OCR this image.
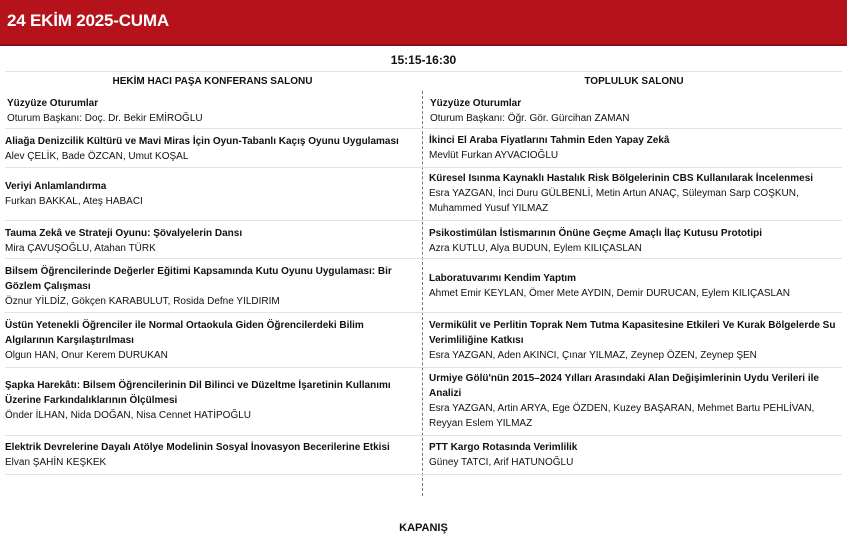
24 EKİM 2025-CUMA
15:15-16:30
HEKİM HACI PAŞA KONFERANS SALONU	TOPLULUK SALONU
Yüzyüze Oturumlar
Oturum Başkanı: Doç. Dr. Bekir EMİROĞLU
Aliağa Denizcilik Kültürü ve Mavi Miras İçin Oyun-Tabanlı Kaçış Oyunu Uygulaması
Alev ÇELİK, Bade ÖZCAN, Umut KOŞAL
Veriyi Anlamlandırma
Furkan BAKKAL, Ateş HABACI
Tauma Zekâ ve Strateji Oyunu: Şövalyelerin Dansı
Mira ÇAVUŞOĞLU, Atahan TÜRK
Bilsem Öğrencilerinde Değerler Eğitimi Kapsamında Kutu Oyunu Uygulaması: Bir Gözlem Çalışması
Öznur YİLDİZ, Gökçen KARABULUT, Rosida Defne YILDIRIM
Üstün Yetenekli Öğrenciler ile Normal Ortaokula Giden Öğrencilerdeki Bilim Algılarının Karşılaştırılması
Olgun HAN, Onur Kerem DURUKAN
Şapka Harekâtı: Bilsem Öğrencilerinin Dil Bilinci ve Düzeltme İşaretinin Kullanımı Üzerine Farkındalıklarının Ölçülmesi
Önder İLHAN, Nida DOĞAN, Nisa Cennet HATİPOĞLU
Elektrik Devrelerine Dayalı Atölye Modelinin Sosyal İnovasyon Becerilerine Etkisi
Elvan ŞAHİN KEŞKEK
Yüzyüze Oturumlar
Oturum Başkanı: Öğr. Gör. Gürcihan ZAMAN
İkinci El Araba Fiyatlarını Tahmin Eden Yapay Zekâ
Mevlüt Furkan AYVACIOĞLU
Küresel Isınma Kaynaklı Hastalık Risk Bölgelerinin CBS Kullanılarak İncelenmesi
Esra YAZGAN, İnci Duru GÜLBENLİ, Metin Artun ANAÇ, Süleyman Sarp COŞKUN, Muhammed Yusuf YILMAZ
Psikostimülan İstismarının Önüne Geçme Amaçlı İlaç Kutusu Prototipi
Azra KUTLU, Alya BUDUN, Eylem KILIÇASLAN
Laboratuvarımı Kendim Yaptım
Ahmet Emir KEYLAN, Ömer Mete AYDIN, Demir DURUCAN, Eylem KILIÇASLAN
Vermikülit ve Perlitin Toprak Nem Tutma Kapasitesine Etkileri Ve Kurak Bölgelerde Su Verimliliğine Katkısı
Esra YAZGAN, Aden AKINCI, Çınar YILMAZ, Zeynep ÖZEN, Zeynep ŞEN
Urmiye Gölü'nün 2015–2024 Yılları Arasındaki Alan Değişimlerinin Uydu Verileri ile Analizi
Esra YAZGAN, Artin ARYA, Ege ÖZDEN, Kuzey BAŞARAN, Mehmet Bartu PEHLİVAN, Reyyan Eslem YILMAZ
PTT Kargo Rotasında Verimlilik
Güney TATCI, Arif HATUNOĞLU
KAPANIŞ
